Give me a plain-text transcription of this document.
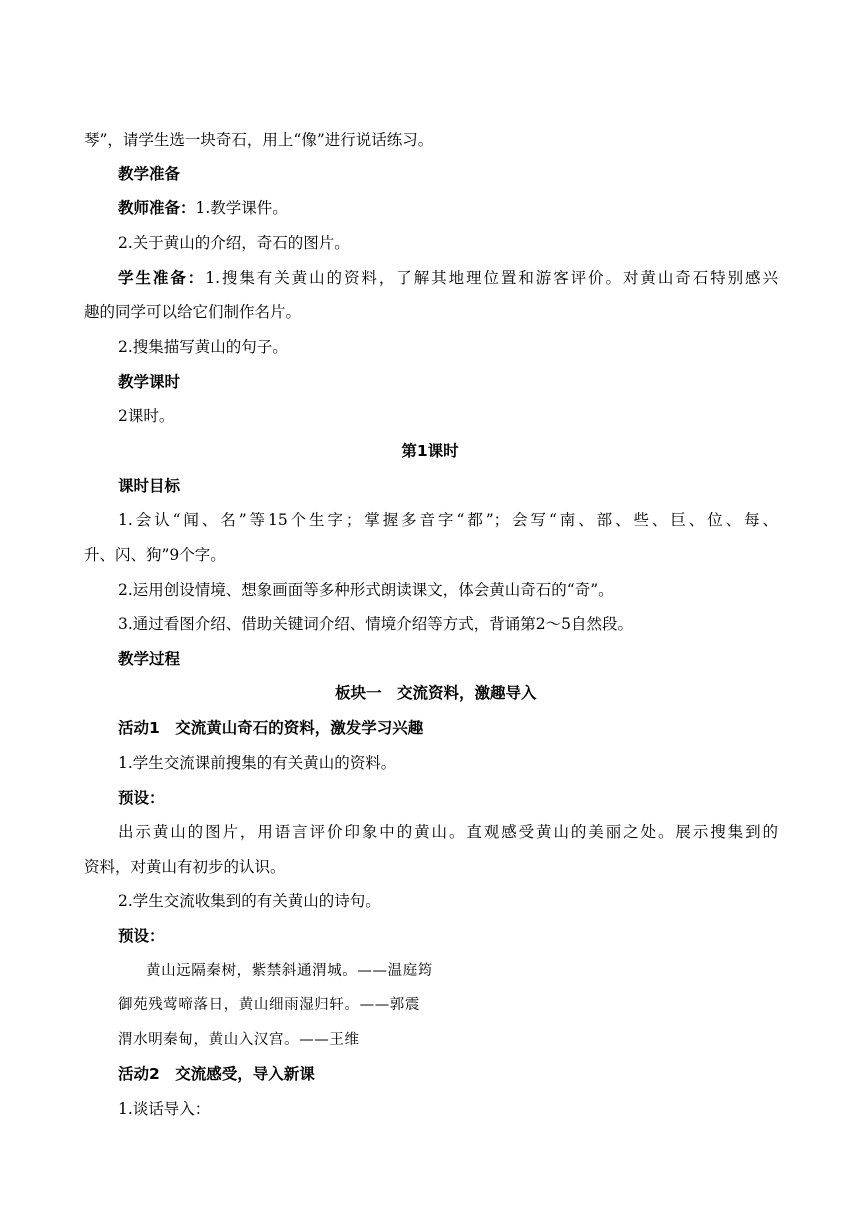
琴”，请学生选一块奇石，用上“像”进行说话练习。
教学准备
教师准备：1.教学课件。
2.关于黄山的介绍，奇石的图片。
学生准备：1.搜集有关黄山的资料，了解其地理位置和游客评价。对黄山奇石特别感兴
趣的同学可以给它们制作名片。
2.搜集描写黄山的句子。
教学课时
2课时。
第1课时
课时目标
1.会认“闻、名”等15个生字；掌握多音字“都”；会写“南、部、些、巨、位、每、
升、闪、狗”9个字。
2.运用创设情境、想象画面等多种形式朗读课文，体会黄山奇石的“奇”。
3.通过看图介绍、借助关键词介绍、情境介绍等方式，背诵第2～5自然段。
教学过程
板块一　交流资料，激趣导入
活动1　交流黄山奇石的资料，激发学习兴趣
1.学生交流课前搜集的有关黄山的资料。
预设：
出示黄山的图片，用语言评价印象中的黄山。直观感受黄山的美丽之处。展示搜集到的
资料，对黄山有初步的认识。
2.学生交流收集到的有关黄山的诗句。
预设：
黄山远隔秦树，紫禁斜通渭城。——温庭筠
御苑残莺啼落日，黄山细雨湿归轩。——郭震
渭水明秦甸，黄山入汉宫。——王维
活动2　交流感受，导入新课
1.谈话导入：
